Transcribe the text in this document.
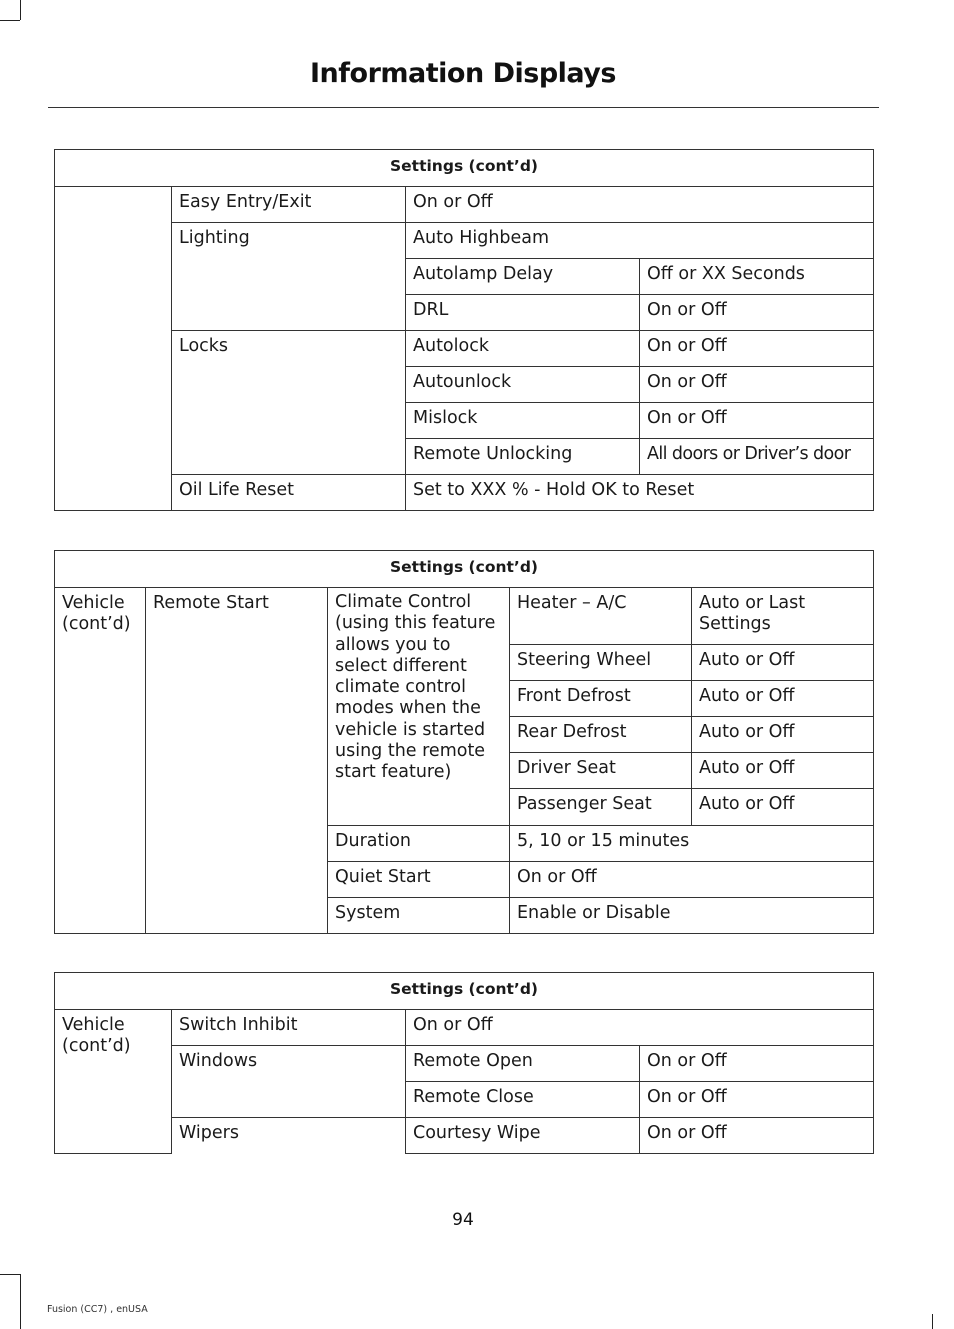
Information Displays
Settings (cont’d)			
	Easy Entry/Exit	On or Off	
	Lighting	Auto Highbeam	
		Autolamp Delay	Off or XX Seconds
		DRL	On or Off
	Locks	Autolock	On or Off
		Autounlock	On or Off
		Mislock	On or Off
		Remote Unlocking	All doors or Driver’s door
	Oil Life Reset	Set to XXX % - Hold OK to Reset	
Settings (cont’d)				
Vehicle (cont’d)	Remote Start	Climate Control (using this feature allows you to select different climate control modes when the vehicle is started using the remote start feature)	Heater – A/C	Auto or Last Settings
			Steering Wheel	Auto or Off
			Front Defrost	Auto or Off
			Rear Defrost	Auto or Off
			Driver Seat	Auto or Off
			Passenger Seat	Auto or Off
		Duration	5, 10 or 15 minutes	
		Quiet Start	On or Off	
		System	Enable or Disable	
Settings (cont’d)			
Vehicle (cont’d)	Switch Inhibit	On or Off	
	Windows	Remote Open	On or Off
		Remote Close	On or Off
	Wipers	Courtesy Wipe	On or Off
94
Fusion (CC7) , enUSA
